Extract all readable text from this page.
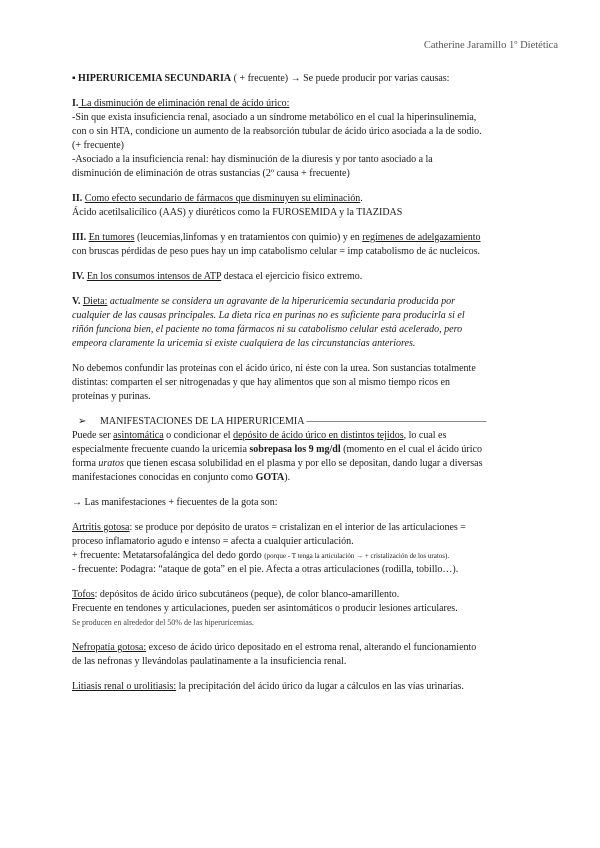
Catherine Jaramillo 1º Dietética

▪ HIPERURICEMIA SECUNDARIA ( + frecuente) → Se puede producir por varias causas:

I. La disminución de eliminación renal de ácido úrico:
-Sin que exista insuficiencia renal, asociado a un síndrome metabólico en el cual la hiperinsulinemia,
con o sin HTA, condicione un aumento de la reabsorción tubular de ácido úrico asociada a la de sodio.
(+ frecuente)
-Asociado a la insuficiencia renal: hay disminución de la diuresis y por tanto asociado a la
disminución de eliminación de otras sustancias (2º causa + frecuente)

II. Como efecto secundario de fármacos que disminuyen su eliminación.
Ácido acetilsalicílico (AAS) y diuréticos como la FUROSEMIDA y la TIAZIDAS

III. En tumores (leucemias,linfomas y en tratamientos con quimio) y en regímenes de adelgazamiento
con bruscas pérdidas de peso pues hay un imp catabolismo celular = imp catabolismo de ác nucleicos.

IV. En los consumos intensos de ATP destaca el ejercicio físico extremo.

V. Dieta: actualmente se considera un agravante de la hiperuricemia secundaria producida por
cualquier de las causas principales. La dieta rica en purinas no es suficiente para producirla si el
riñón funciona bien, el paciente no toma fármacos ni su catabolismo celular está acelerado, pero
empeora claramente la uricemia si existe cualquiera de las circunstancias anteriores.

No debemos confundir las proteínas con el ácido úrico, ni éste con la urea. Son sustancias totalmente
distintas: comparten el ser nitrogenadas y que hay alimentos que son al mismo tiempo ricos en
proteínas y purinas.

➢ MANIFESTACIONES DE LA HIPERURICEMIA ——————————————————
Puede ser asintomática o condicionar el depósito de ácido úrico en distintos tejidos, lo cual es
especialmente frecuente cuando la uricemia sobrepasa los 9 mg/dl (momento en el cual el ácido úrico
forma uratos que tienen escasa solubilidad en el plasma y por ello se depositan, dando lugar a diversas
manifestaciones conocidas en conjunto como GOTA).

→ Las manifestaciones + fiecuentes de la gota son:

Artritis gotosa: se produce por depósito de uratos = cristalizan en el interior de las articulaciones =
proceso inflamatorio agudo e intenso = afecta a cualquier articulación.
+ frecuente: Metatarsofalángica del dedo gordo (porque - T tenga la articulación → + cristalización de los uratos).
- frecuente: Podagra: “ataque de gota” en el pie. Afecta a otras articulaciones (rodilla, tobillo…).

Tofos: depósitos de ácido úrico subcutáneos (peque), de color blanco-amarillento.
Frecuente en tendones y articulaciones, pueden ser asintomáticos o producir lesiones articulares.
Se producen en alrededor del 50% de las hiperuricemias.

Nefropatía gotosa: exceso de ácido úrico depositado en el estroma renal, alterando el funcionamiento
de las nefronas y llevándolas paulatinamente a la insuficiencia renal.

Litiasis renal o urolitiasis: la precipitación del ácido úrico da lugar a cálculos en las vías urinarias.
